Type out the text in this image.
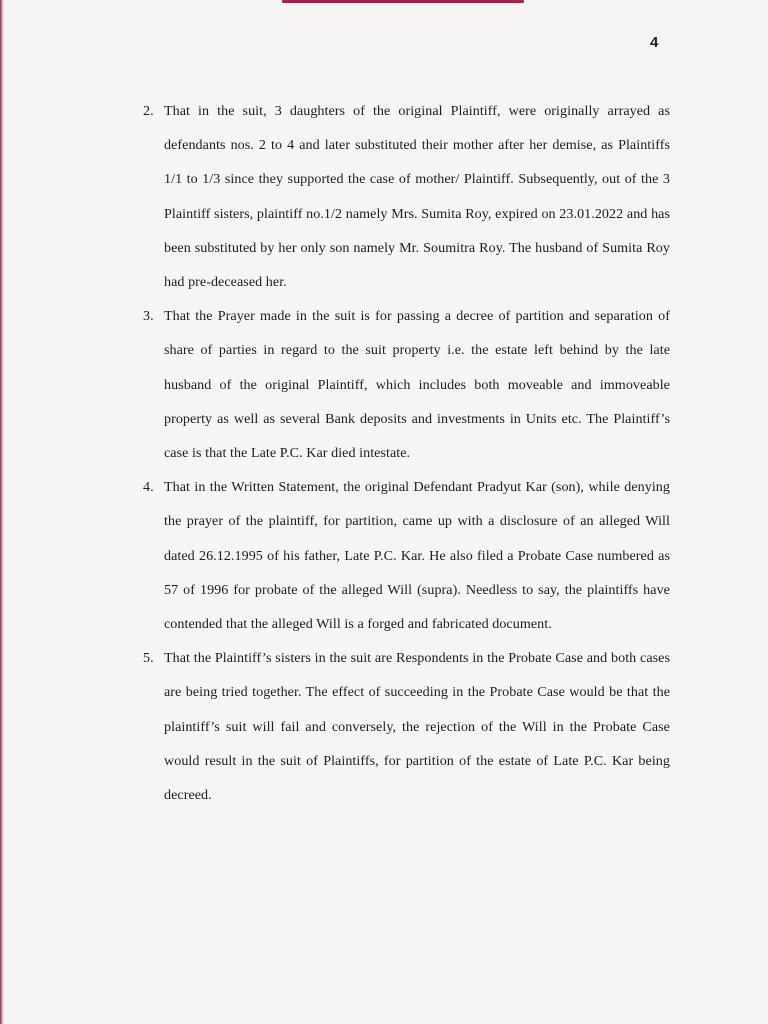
4
2. That in the suit, 3 daughters of the original Plaintiff, were originally arrayed as defendants nos. 2 to 4 and later substituted their mother after her demise, as Plaintiffs 1/1 to 1/3 since they supported the case of mother/ Plaintiff. Subsequently, out of the 3 Plaintiff sisters, plaintiff no.1/2 namely Mrs. Sumita Roy, expired on 23.01.2022 and has been substituted by her only son namely Mr. Soumitra Roy. The husband of Sumita Roy had pre-deceased her.
3. That the Prayer made in the suit is for passing a decree of partition and separation of share of parties in regard to the suit property i.e. the estate left behind by the late husband of the original Plaintiff, which includes both moveable and immoveable property as well as several Bank deposits and investments in Units etc. The Plaintiff’s case is that the Late P.C. Kar died intestate.
4. That in the Written Statement, the original Defendant Pradyut Kar (son), while denying the prayer of the plaintiff, for partition, came up with a disclosure of an alleged Will dated 26.12.1995 of his father, Late P.C. Kar. He also filed a Probate Case numbered as 57 of 1996 for probate of the alleged Will (supra). Needless to say, the plaintiffs have contended that the alleged Will is a forged and fabricated document.
5. That the Plaintiff’s sisters in the suit are Respondents in the Probate Case and both cases are being tried together. The effect of succeeding in the Probate Case would be that the plaintiff’s suit will fail and conversely, the rejection of the Will in the Probate Case would result in the suit of Plaintiffs, for partition of the estate of Late P.C. Kar being decreed.
